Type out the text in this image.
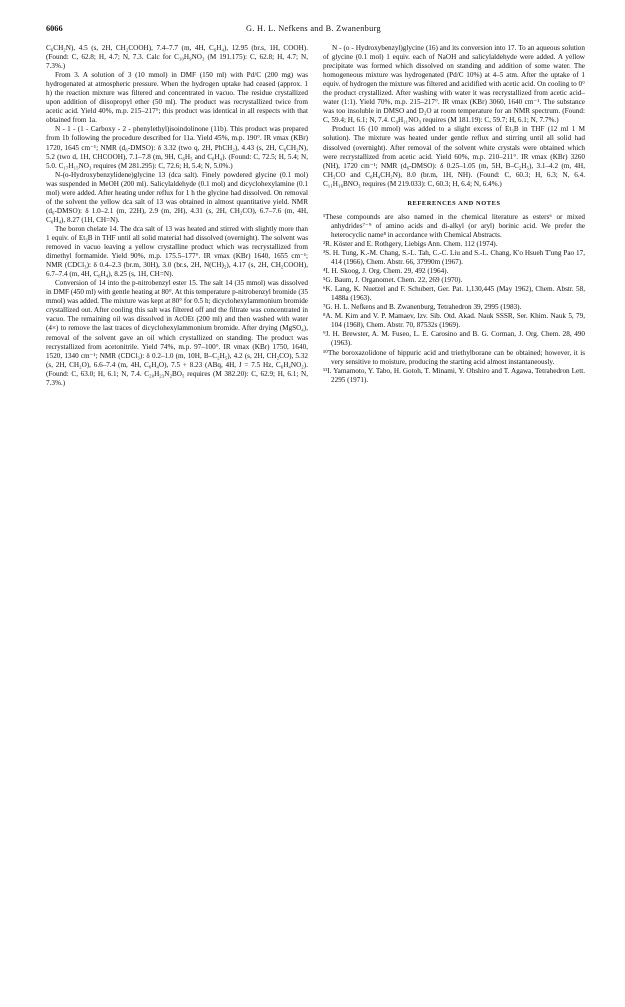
6066	G. H. L. Nefkens and B. Zwanenburg

C₆CH₂N), 4.5 (s, 2H, CH₂COOH), 7.4–7.7 (m, 4H, C₆H₄), 12.95 (br.s, 1H, COOH). (Found: C, 62.8; H, 4.7; N, 7.3. Calc for C₁₀H₉NO₃ (M 191.175): C, 62.8; H, 4.7; N, 7.3%.)

From 3. A solution of 3 (10 mmol) in DMF (150 ml) with Pd/C (200 mg) was hydrogenated at atmospheric pressure. When the hydrogen uptake had ceased (approx. 1 h) the reaction mixture was filtered and concentrated in vacuo. The residue crystallized upon addition of diisopropyl ether (50 ml). The product was recrystallized twice from acetic acid. Yield 40%, m.p. 215–217°; this product was identical in all respects with that obtained from 1a.

N - 1 - (1 - Carboxy - 2 - phenylethyl)isoindolinone (11b). This product was prepared from 1b following the procedure described for 11a. Yield 45%, m.p. 190°. IR νmax (KBr) 1720, 1645 cm⁻¹; NMR (d₆-DMSO): δ 3.32 (two q, 2H, PhCH₂), 4.43 (s, 2H, C₆CH₂N), 5.2 (two d, 1H, CHCOOH), 7.1–7.8 (m, 9H, C₆H₅ and C₆H₄). (Found: C, 72.5; H, 5.4; N, 5.0. C₁₇H₁₅NO₃ requires (M 281.295): C, 72.6; H, 5.4; N, 5.0%.)

N-(o-Hydroxybenzylidene)glycine 13 (dca salt). Finely powdered glycine (0.1 mol) was suspended in MeOH (200 ml). Salicylaldehyde (0.1 mol) and dicyclohexylamine (0.1 mol) were added. After heating under reflux for 1 h the glycine had dissolved. On removal of the solvent the yellow dca salt of 13 was obtained in almost quantitative yield. NMR (d₆-DMSO): δ 1.0–2.1 (m, 22H), 2.9 (m, 2H), 4.31 (s, 2H, CH₂CO), 6.7–7.6 (m, 4H, C₆H₄), 8.27 (1H, CH=N).

The boron chelate 14. The dca salt of 13 was heated and stirred with slightly more than 1 equiv. of Et₃B in THF until all solid material had dissolved (overnight). The solvent was removed in vacuo leaving a yellow crystalline product which was recrystallized from dimethyl formamide. Yield 90%, m.p. 175.5–177°. IR νmax (KBr) 1640, 1655 cm⁻¹; NMR (CDCl₃): δ 0.4–2.3 (br.m, 30H), 3.0 (br.s, 2H, N(CH)₂), 4.17 (s, 2H, CH₂COOH), 6.7–7.4 (m, 4H, C₆H₄), 8.25 (s, 1H, CH=N).

Conversion of 14 into the p-nitrobenzyl ester 15. The salt 14 (35 mmol) was dissolved in DMF (450 ml) with gentle heating at 80°. At this temperature p-nitrobenzyl bromide (35 mmol) was added. The mixture was kept at 80° for 0.5 h; dicyclohexylammonium bromide crystallized out. After cooling this salt was filtered off and the filtrate was concentrated in vacuo. The remaining oil was dissolved in AcOEt (200 ml) and then washed with water (4×) to remove the last traces of dicyclohexylammonium bromide. After drying (MgSO₄), removal of the solvent gave an oil which crystallized on standing. The product was recrystallized from acetonitrile. Yield 74%, m.p. 97–100°. IR νmax (KBr) 1750, 1640, 1520, 1340 cm⁻¹; NMR (CDCl₃): δ 0.2–1.0 (m, 10H, B–C₂H₅), 4.2 (s, 2H, CH₂CO), 5.32 (s, 2H, CH₂O), 6.6–7.4 (m, 4H, C₆H₄O), 7.5 + 8.23 (ABq, 4H, J = 7.5 Hz, C₆H₄NO₂). (Found: C, 63.0; H, 6.1; N, 7.4. C₂₀H₂₃N₂BO₅ requires (M 382.20): C, 62.9; H, 6.1; N, 7.3%.)

N - (o - Hydroxybenzyl)glycine (16) and its conversion into 17. To an aqueous solution of glycine (0.1 mol) 1 equiv. each of NaOH and salicylaldehyde were added. A yellow precipitate was formed which dissolved on standing and addition of some water. The homogeneous mixture was hydrogenated (Pd/C 10%) at 4–5 atm. After the uptake of 1 equiv. of hydrogen the mixture was filtered and acidified with acetic acid. On cooling to 0° the product crystallized. After washing with water it was recrystallized from acetic acid–water (1:1). Yield 70%, m.p. 215–217°. IR νmax (KBr) 3060, 1640 cm⁻¹. The substance was too insoluble in DMSO and D₂O at room temperature for an NMR spectrum. (Found: C, 59.4; H, 6.1; N, 7.4. C₉H₁₁NO₃ requires (M 181.19): C, 59.7; H, 6.1; N, 7.7%.)

Product 16 (10 mmol) was added to a slight excess of Et₃B in THF (12 ml 1 M solution). The mixture was heated under gentle reflux and stirring until all solid had dissolved (overnight). After removal of the solvent white crystals were obtained which were recrystallized from acetic acid. Yield 60%, m.p. 210–211°. IR νmax (KBr) 3260 (NH), 1720 cm⁻¹; NMR (d₆-DMSO): δ 0.25–1.05 (m, 5H, B–C₂H₅), 3.1–4.2 (m, 4H, CH₂CO and C₆H₄CH₂N), 8.0 (br.m, 1H, NH). (Found: C, 60.3; H, 6.3; N, 6.4. C₁₁H₁₆BNO₃ requires (M 219.033): C, 60.3; H, 6.4; N, 6.4%.)

REFERENCES AND NOTES

¹These compounds are also named in the chemical literature as esters⁶ or mixed anhydrides⁷⁻⁹ of amino acids and di-alkyl (or aryl) borinic acid. We prefer the heterocyclic name⁸ in accordance with Chemical Abstracts.

²R. Köster and E. Rothgery, Liebigs Ann. Chem. 112 (1974).

³S. H. Tung, K.-M. Chang, S.-L. Tah, C.-C. Liu and S.-L. Chang, K'o Hsueh T'ung Pao 17, 414 (1966), Chem. Abstr. 66, 37990m (1967).

⁴I. H. Skoog, J. Org. Chem. 29, 492 (1964).

⁵G. Baum, J. Organomet. Chem. 22, 269 (1970).

⁶K. Lang, K. Nuetzel and F. Schubert, Ger. Pat. 1,130,445 (May 1962), Chem. Abstr. 58, 1488a (1963).

⁷G. H. L. Nefkens and B. Zwanenburg, Tetrahedron 39, 2995 (1983).

⁸A. M. Kim and V. P. Mamaev, Izv. Sib. Otd. Akad. Nauk SSSR, Ser. Khim. Nauk 5, 79, 104 (1968), Chem. Abstr. 70, 87532s (1969).

⁹J. H. Brewster, A. M. Fuseo, L. E. Carosino and B. G. Corman, J. Org. Chem. 28, 490 (1963).

¹⁰The boroxazolidone of hippuric acid and triethylborane can be obtained; however, it is very sensitive to moisture, producing the starting acid almost instantaneously.

¹¹I. Yamamoto, Y. Tabo, H. Gotoh, T. Minami, Y. Ohshiro and T. Agawa, Tetrahedron Lett. 2295 (1971).
